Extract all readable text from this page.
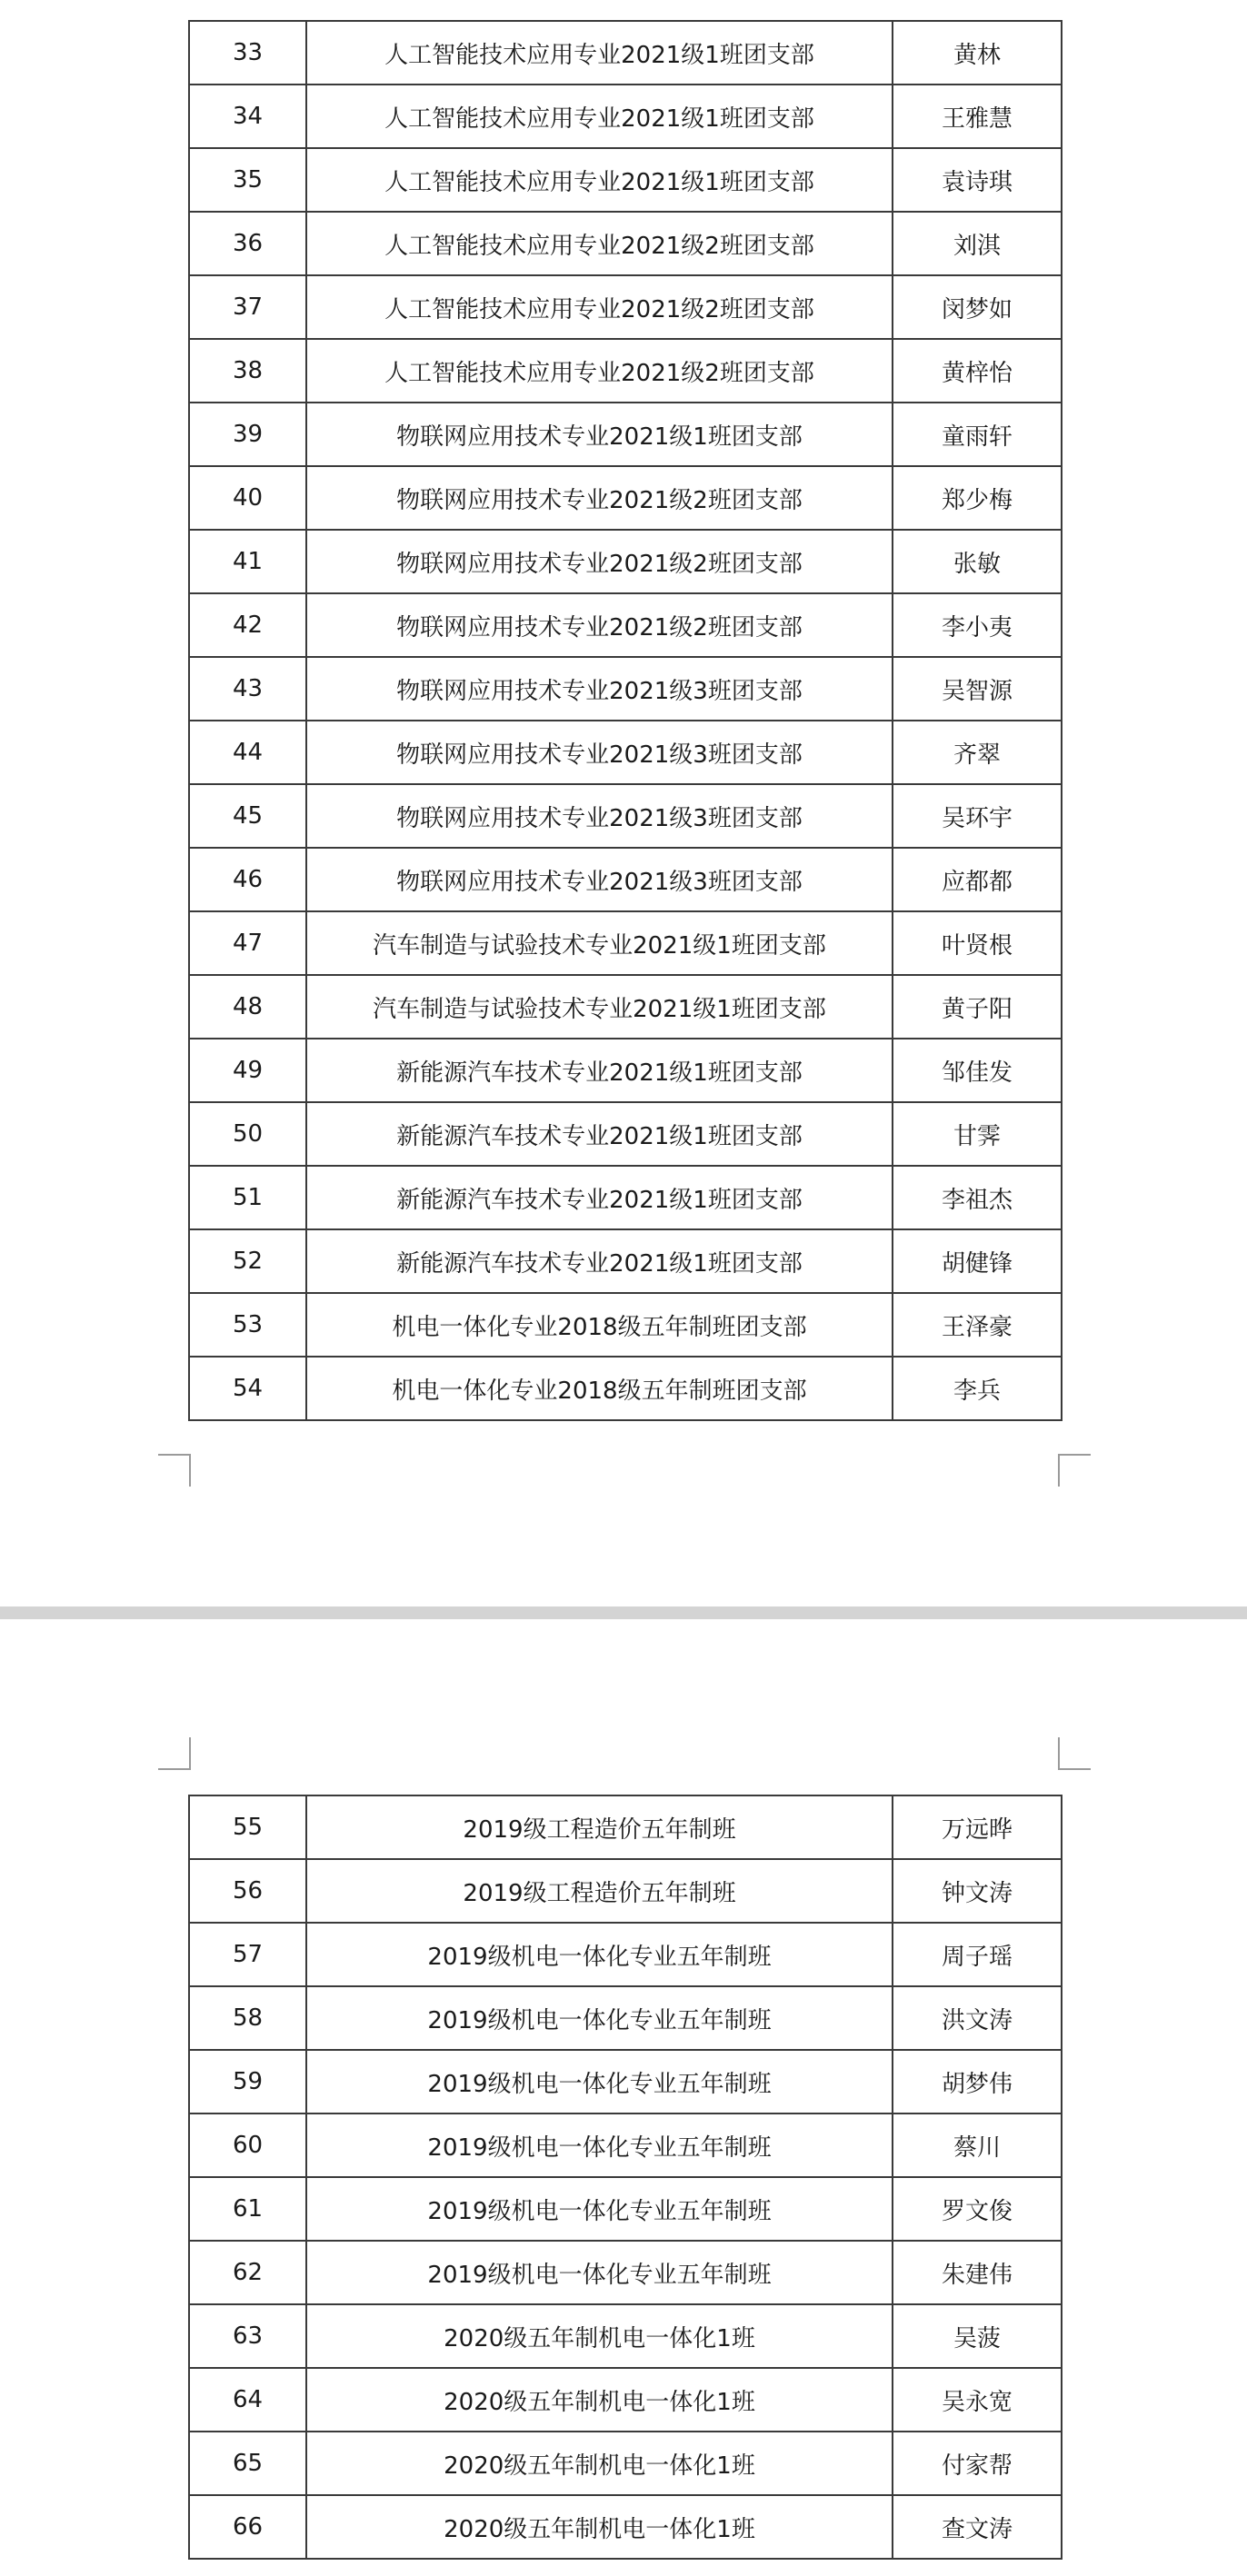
33	人工智能技术应用专业2021级1班团支部	黄林
34	人工智能技术应用专业2021级1班团支部	王雅慧
35	人工智能技术应用专业2021级1班团支部	袁诗琪
36	人工智能技术应用专业2021级2班团支部	刘淇
37	人工智能技术应用专业2021级2班团支部	闵梦如
38	人工智能技术应用专业2021级2班团支部	黄梓怡
39	物联网应用技术专业2021级1班团支部	童雨轩
40	物联网应用技术专业2021级2班团支部	郑少梅
41	物联网应用技术专业2021级2班团支部	张敏
42	物联网应用技术专业2021级2班团支部	李小夷
43	物联网应用技术专业2021级3班团支部	吴智源
44	物联网应用技术专业2021级3班团支部	齐翠
45	物联网应用技术专业2021级3班团支部	吴环宇
46	物联网应用技术专业2021级3班团支部	应都都
47	汽车制造与试验技术专业2021级1班团支部	叶贤根
48	汽车制造与试验技术专业2021级1班团支部	黄子阳
49	新能源汽车技术专业2021级1班团支部	邹佳发
50	新能源汽车技术专业2021级1班团支部	甘霁
51	新能源汽车技术专业2021级1班团支部	李祖杰
52	新能源汽车技术专业2021级1班团支部	胡健锋
53	机电一体化专业2018级五年制班团支部	王泽豪
54	机电一体化专业2018级五年制班团支部	李兵
55	2019级工程造价五年制班	万远晔
56	2019级工程造价五年制班	钟文涛
57	2019级机电一体化专业五年制班	周子瑶
58	2019级机电一体化专业五年制班	洪文涛
59	2019级机电一体化专业五年制班	胡梦伟
60	2019级机电一体化专业五年制班	蔡川
61	2019级机电一体化专业五年制班	罗文俊
62	2019级机电一体化专业五年制班	朱建伟
63	2020级五年制机电一体化1班	吴菠
64	2020级五年制机电一体化1班	吴永宽
65	2020级五年制机电一体化1班	付家帮
66	2020级五年制机电一体化1班	查文涛
